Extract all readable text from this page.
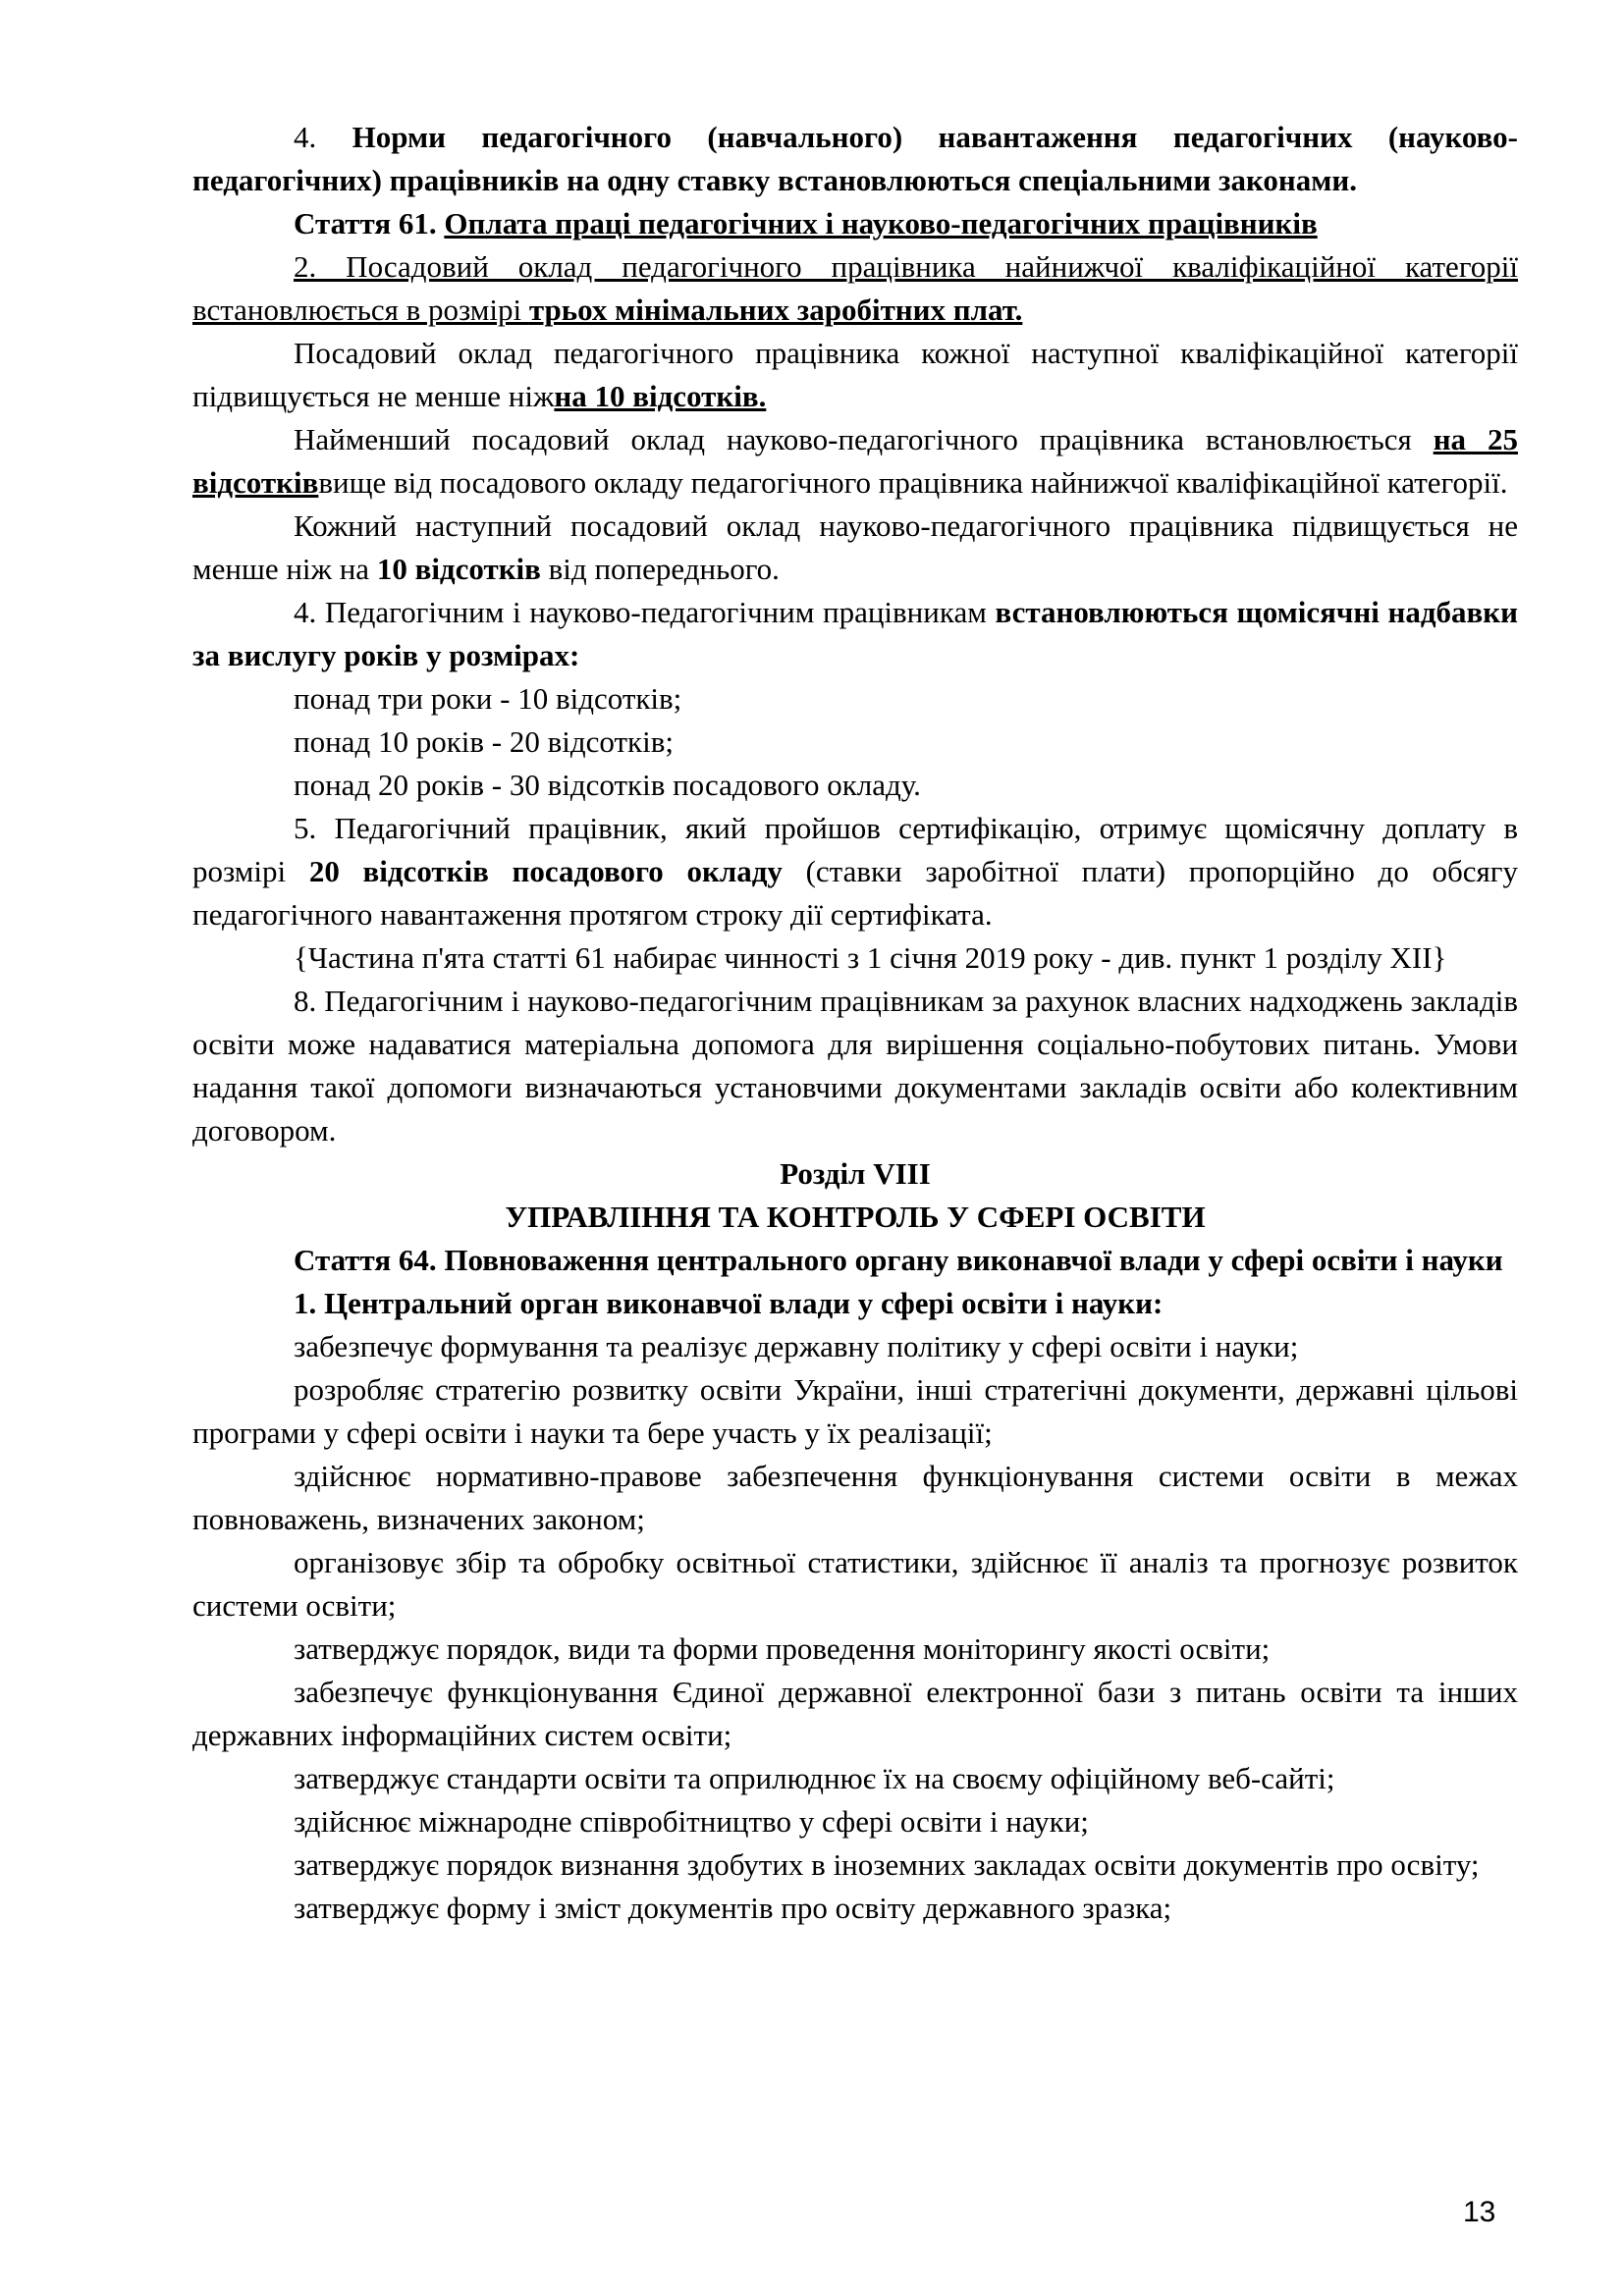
4. Норми педагогічного (навчального) навантаження педагогічних (науково-педагогічних) працівників на одну ставку встановлюються спеціальними законами.

Стаття 61. Оплата праці педагогічних і науково-педагогічних працівників

2. Посадовий оклад педагогічного працівника найнижчої кваліфікаційної категорії встановлюється в розмірі трьох мінімальних заробітних плат.

Посадовий оклад педагогічного працівника кожної наступної кваліфікаційної категорії підвищується не менше ніжна 10 відсотків.

Найменший посадовий оклад науково-педагогічного працівника встановлюється на 25 відсотківвище від посадового окладу педагогічного працівника найнижчої кваліфікаційної категорії.

Кожний наступний посадовий оклад науково-педагогічного працівника підвищується не менше ніж на 10 відсотків від попереднього.

4. Педагогічним і науково-педагогічним працівникам встановлюються щомісячні надбавки за вислугу років у розмірах:

понад три роки - 10 відсотків;

понад 10 років - 20 відсотків;

понад 20 років - 30 відсотків посадового окладу.

5. Педагогічний працівник, який пройшов сертифікацію, отримує щомісячну доплату в розмірі 20 відсотків посадового окладу (ставки заробітної плати) пропорційно до обсягу педагогічного навантаження протягом строку дії сертифіката.

{Частина п'ята статті 61 набирає чинності з 1 січня 2019 року - див. пункт 1 розділу XII}

8. Педагогічним і науково-педагогічним працівникам за рахунок власних надходжень закладів освіти може надаватися матеріальна допомога для вирішення соціально-побутових питань. Умови надання такої допомоги визначаються установчими документами закладів освіти або колективним договором.

Розділ VIII

УПРАВЛІННЯ ТА КОНТРОЛЬ У СФЕРІ ОСВІТИ

Стаття 64. Повноваження центрального органу виконавчої влади у сфері освіти і науки

1. Центральний орган виконавчої влади у сфері освіти і науки:

забезпечує формування та реалізує державну політику у сфері освіти і науки;

розробляє стратегію розвитку освіти України, інші стратегічні документи, державні цільові програми у сфері освіти і науки та бере участь у їх реалізації;

здійснює нормативно-правове забезпечення функціонування системи освіти в межах повноважень, визначених законом;

організовує збір та обробку освітньої статистики, здійснює її аналіз та прогнозує розвиток системи освіти;

затверджує порядок, види та форми проведення моніторингу якості освіти;

забезпечує функціонування Єдиної державної електронної бази з питань освіти та інших державних інформаційних систем освіти;

затверджує стандарти освіти та оприлюднює їх на своєму офіційному веб-сайті;

здійснює міжнародне співробітництво у сфері освіти і науки;

затверджує порядок визнання здобутих в іноземних закладах освіти документів про освіту;

затверджує форму і зміст документів про освіту державного зразка;

13
